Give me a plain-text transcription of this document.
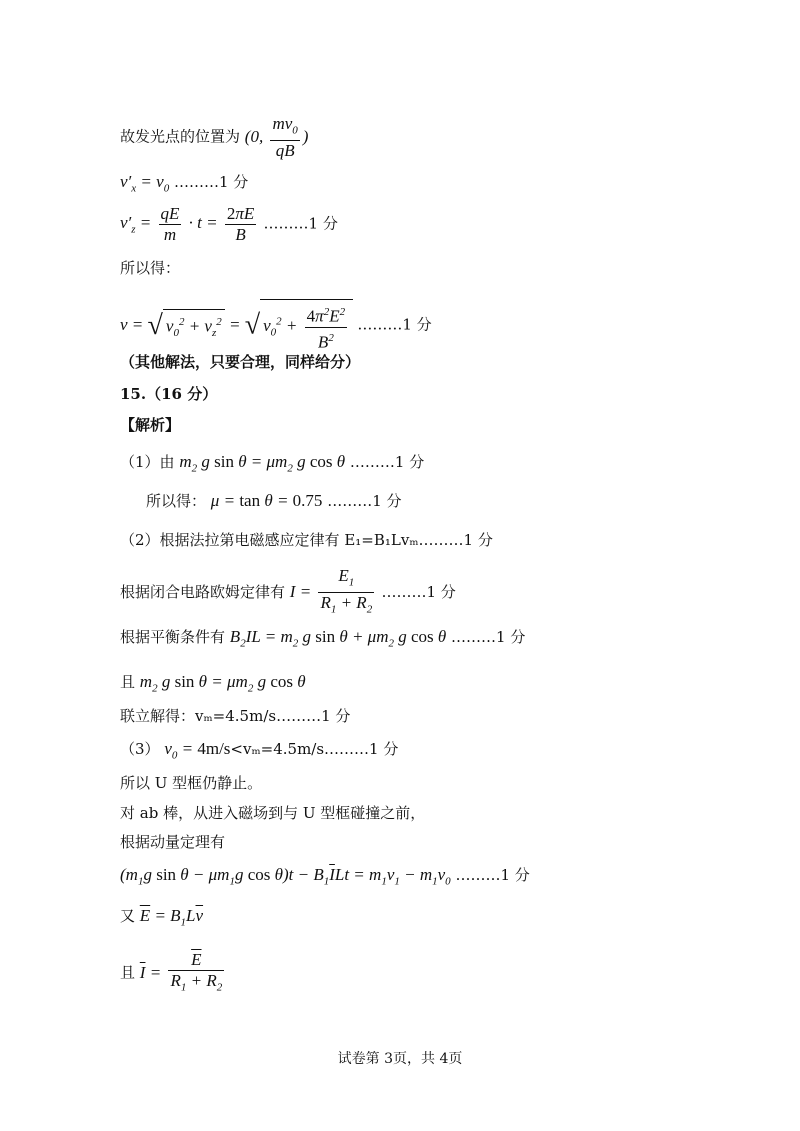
故发光点的位置为 (0, $\frac{mv_0}{qB}$ )
$v'_x = v_0$ ………1 分
$v'_z = \frac{qE}{m} \cdot t = \frac{2\pi E}{B}$ ………1 分
所以得：
v = √ $v_0^2 + v_z^2$ = √ $v_0^2 + \frac{4\pi^2E^2}{B^2}$ ………1 分
（其他解法，只要合理，同样给分）
15.（16 分）
【解析】
（1）由 $m_2$ g $\sin \theta = \mu m_2$ g cos θ ………1 分
所以得： μ = tan θ = 0.75 ………1 分
（2）根据法拉第电磁感应定律有 E₁=B₁Lvₘ………1 分
根据闭合电路欧姆定律有 $I = \frac{E_1}{R_1 + R_2}$ ………1 分
根据平衡条件有 $B_2IL = m_2$ g $\sin \theta + \mu m_2$ g cos θ ………1 分
且 $m_2$ g $\sin \theta = \mu m_2$ g cos θ
联立解得：vₘ=4.5m/s………1 分
（3） $v_0$ = 4m/s<vₘ=4.5m/s………1 分
所以 U 型框仍静止。
对 ab 棒，从进入磁场到与 U 型框碰撞之前，
根据动量定理有
($m_1g$ $\sin \theta - \mu m_1g$ $\cos \theta)t - B_1\overline{I}Lt = m_1v_1 - m_1v_0$ ………1 分
又 $\overline{E} = B_1L\overline{v}$
且 $\overline{I} = \frac{\overline{E}}{R_1 + R_2}$
试卷第 3页，共 4页
